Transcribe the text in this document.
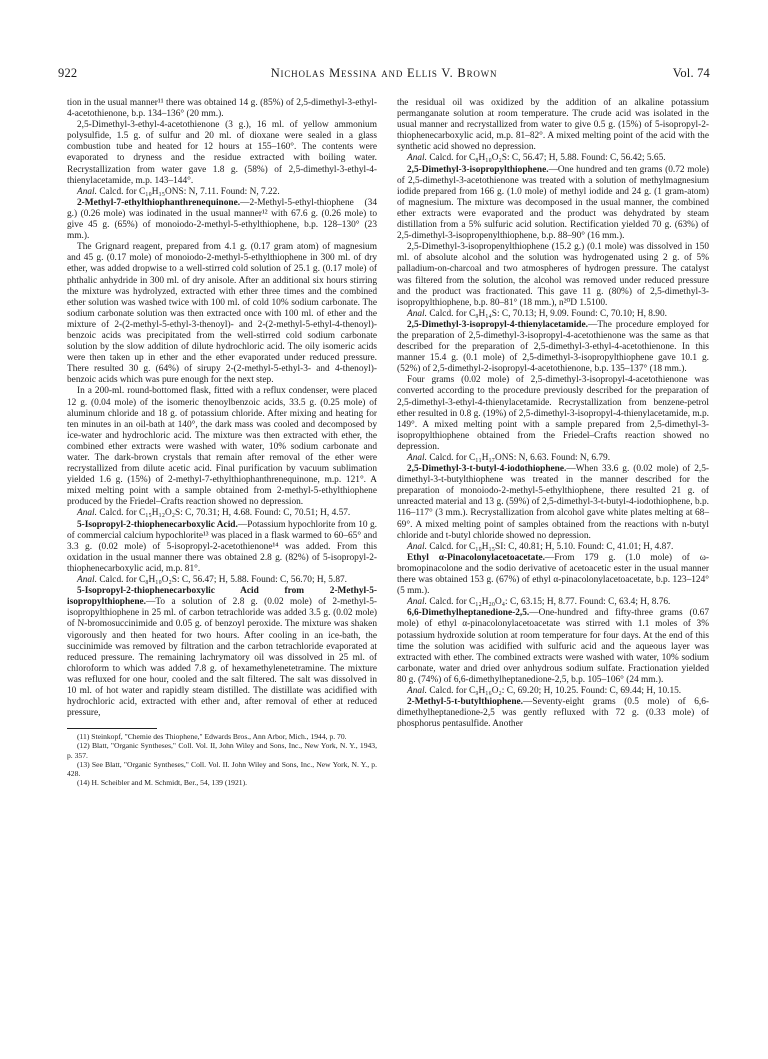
922	Nicholas Messina and Ellis V. Brown	Vol. 74

tion in the usual manner¹¹ there was obtained 14 g. (85%) of 2,5-dimethyl-3-ethyl-4-acetothienone, b.p. 134–136° (20 mm.).

2,5-Dimethyl-3-ethyl-4-acetothienone (3 g.), 16 ml. of yellow ammonium polysulfide, 1.5 g. of sulfur and 20 ml. of dioxane were sealed in a glass combustion tube and heated for 12 hours at 155–160°. The contents were evaporated to dryness and the residue extracted with boiling water. Recrystallization from water gave 1.8 g. (58%) of 2,5-dimethyl-3-ethyl-4-thienylacetamide, m.p. 143–144°.

Anal. Calcd. for C₁₀H₁₅ONS: N, 7.11. Found: N, 7.22.

2-Methyl-7-ethylthiophanthrenequinone.—2-Methyl-5-ethyl-thiophene (34 g.) (0.26 mole) was iodinated in the usual manner¹² with 67.6 g. (0.26 mole) to give 45 g. (65%) of monoiodo-2-methyl-5-ethylthiophene, b.p. 128–130° (23 mm.).

The Grignard reagent, prepared from 4.1 g. (0.17 gram atom) of magnesium and 45 g. (0.17 mole) of monoiodo-2-methyl-5-ethylthiophene in 300 ml. of dry ether, was added dropwise to a well-stirred cold solution of 25.1 g. (0.17 mole) of phthalic anhydride in 300 ml. of dry anisole. After an additional six hours stirring the mixture was hydrolyzed, extracted with ether three times and the combined ether solution was washed twice with 100 ml. of cold 10% sodium carbonate. The sodium carbonate solution was then extracted once with 100 ml. of ether and the mixture of 2-(2-methyl-5-ethyl-3-thenoyl)- and 2-(2-methyl-5-ethyl-4-thenoyl)-benzoic acids was precipitated from the well-stirred cold sodium carbonate solution by the slow addition of dilute hydrochloric acid. The oily isomeric acids were then taken up in ether and the ether evaporated under reduced pressure. There resulted 30 g. (64%) of sirupy 2-(2-methyl-5-ethyl-3- and 4-thenoyl)-benzoic acids which was pure enough for the next step.

In a 200-ml. round-bottomed flask, fitted with a reflux condenser, were placed 12 g. (0.04 mole) of the isomeric thenoylbenzoic acids, 33.5 g. (0.25 mole) of aluminum chloride and 18 g. of potassium chloride. After mixing and heating for ten minutes in an oil-bath at 140°, the dark mass was cooled and decomposed by ice-water and hydrochloric acid. The mixture was then extracted with ether, the combined ether extracts were washed with water, 10% sodium carbonate and water. The dark-brown crystals that remain after removal of the ether were recrystallized from dilute acetic acid. Final purification by vacuum sublimation yielded 1.6 g. (15%) of 2-methyl-7-ethylthiophanthrenequinone, m.p. 121°. A mixed melting point with a sample obtained from 2-methyl-5-ethylthiophene produced by the Friedel–Crafts reaction showed no depression.

Anal. Calcd. for C₁₅H₁₂O₂S: C, 70.31; H, 4.68. Found: C, 70.51; H, 4.57.

5-Isopropyl-2-thiophenecarboxylic Acid.—Potassium hypochlorite from 10 g. of commercial calcium hypochlorite¹³ was placed in a flask warmed to 60–65° and 3.3 g. (0.02 mole) of 5-isopropyl-2-acetothienone¹⁴ was added. From this oxidation in the usual manner there was obtained 2.8 g. (82%) of 5-isopropyl-2-thiophenecarboxylic acid, m.p. 81°.

Anal. Calcd. for C₈H₁₀O₂S: C, 56.47; H, 5.88. Found: C, 56.70; H, 5.87.

5-Isopropyl-2-thiophenecarboxylic Acid from 2-Methyl-5-isopropylthiophene.—To a solution of 2.8 g. (0.02 mole) of 2-methyl-5-isopropylthiophene in 25 ml. of carbon tetrachloride was added 3.5 g. (0.02 mole) of N-bromosuccinimide and 0.05 g. of benzoyl peroxide. The mixture was shaken vigorously and then heated for two hours. After cooling in an ice-bath, the succinimide was removed by filtration and the carbon tetrachloride evaporated at reduced pressure. The remaining lachrymatory oil was dissolved in 25 ml. of chloroform to which was added 7.8 g. of hexamethylenetetramine. The mixture was refluxed for one hour, cooled and the salt filtered. The salt was dissolved in 10 ml. of hot water and rapidly steam distilled. The distillate was acidified with hydrochloric acid, extracted with ether and, after removal of ether at reduced pressure,

(11) Steinkopf, "Chemie des Thiophene," Edwards Bros., Ann Arbor, Mich., 1944, p. 70.

(12) Blatt, "Organic Syntheses," Coll. Vol. II, John Wiley and Sons, Inc., New York, N. Y., 1943, p. 357.

(13) See Blatt, "Organic Syntheses," Coll. Vol. II. John Wiley and Sons, Inc., New York, N. Y., p. 428.

(14) H. Scheibler and M. Schmidt, Ber., 54, 139 (1921).

the residual oil was oxidized by the addition of an alkaline potassium permanganate solution at room temperature. The crude acid was isolated in the usual manner and recrystallized from water to give 0.5 g. (15%) of 5-isopropyl-2-thiophenecarboxylic acid, m.p. 81–82°. A mixed melting point of the acid with the synthetic acid showed no depression.

Anal. Calcd. for C₈H₁₀O₂S: C, 56.47; H, 5.88. Found: C, 56.42; 5.65.

2,5-Dimethyl-3-isopropylthiophene.—One hundred and ten grams (0.72 mole) of 2,5-dimethyl-3-acetothienone was treated with a solution of methylmagnesium iodide prepared from 166 g. (1.0 mole) of methyl iodide and 24 g. (1 gram-atom) of magnesium. The mixture was decomposed in the usual manner, the combined ether extracts were evaporated and the product was dehydrated by steam distillation from a 5% sulfuric acid solution. Rectification yielded 70 g. (63%) of 2,5-dimethyl-3-isopropenylthiophene, b.p. 88–90° (16 mm.).

2,5-Dimethyl-3-isopropenylthiophene (15.2 g.) (0.1 mole) was dissolved in 150 ml. of absolute alcohol and the solution was hydrogenated using 2 g. of 5% palladium-on-charcoal and two atmospheres of hydrogen pressure. The catalyst was filtered from the solution, the alcohol was removed under reduced pressure and the product was fractionated. This gave 11 g. (80%) of 2,5-dimethyl-3-isopropylthiophene, b.p. 80–81° (18 mm.), n²⁰D 1.5100.

Anal. Calcd. for C₉H₁₄S: C, 70.13; H, 9.09. Found: C, 70.10; H, 8.90.

2,5-Dimethyl-3-isopropyl-4-thienylacetamide.—The procedure employed for the preparation of 2,5-dimethyl-3-isopropyl-4-acetothienone was the same as that described for the preparation of 2,5-dimethyl-3-ethyl-4-acetothienone. In this manner 15.4 g. (0.1 mole) of 2,5-dimethyl-3-isopropylthiophene gave 10.1 g. (52%) of 2,5-dimethyl-2-isopropyl-4-acetothienone, b.p. 135–137° (18 mm.).

Four grams (0.02 mole) of 2,5-dimethyl-3-isopropyl-4-acetothienone was converted according to the procedure previously described for the preparation of 2,5-dimethyl-3-ethyl-4-thienylacetamide. Recrystallization from benzene-petrol ether resulted in 0.8 g. (19%) of 2,5-dimethyl-3-isopropyl-4-thienylacetamide, m.p. 149°. A mixed melting point with a sample prepared from 2,5-dimethyl-3-isopropylthiophene obtained from the Friedel–Crafts reaction showed no depression.

Anal. Calcd. for C₁₁H₁₇ONS: N, 6.63. Found: N, 6.79.

2,5-Dimethyl-3-t-butyl-4-iodothiophene.—When 33.6 g. (0.02 mole) of 2,5-dimethyl-3-t-butylthiophene was treated in the manner described for the preparation of monoiodo-2-methyl-5-ethylthiophene, there resulted 21 g. of unreacted material and 13 g. (59%) of 2,5-dimethyl-3-t-butyl-4-iodothiophene, b.p. 116–117° (3 mm.). Recrystallization from alcohol gave white plates melting at 68–69°. A mixed melting point of samples obtained from the reactions with n-butyl chloride and t-butyl chloride showed no depression.

Anal. Calcd. for C₁₀H₁₅SI: C, 40.81; H, 5.10. Found: C, 41.01; H, 4.87.

Ethyl α-Pinacolonylacetoacetate.—From 179 g. (1.0 mole) of ω-bromopinacolone and the sodio derivative of acetoacetic ester in the usual manner there was obtained 153 g. (67%) of ethyl α-pinacolonylacetoacetate, b.p. 123–124° (5 mm.).

Anal. Calcd. for C₁₂H₂₀O₄: C, 63.15; H, 8.77. Found: C, 63.4; H, 8.76.

6,6-Dimethylheptanedione-2,5.—One-hundred and fifty-three grams (0.67 mole) of ethyl α-pinacolonylacetoacetate was stirred with 1.1 moles of 3% potassium hydroxide solution at room temperature for four days. At the end of this time the solution was acidified with sulfuric acid and the aqueous layer was extracted with ether. The combined extracts were washed with water, 10% sodium carbonate, water and dried over anhydrous sodium sulfate. Fractionation yielded 80 g. (74%) of 6,6-dimethylheptanedione-2,5, b.p. 105–106° (24 mm.).

Anal. Calcd. for C₉H₁₆O₂: C, 69.20; H, 10.25. Found: C, 69.44; H, 10.15.

2-Methyl-5-t-butylthiophene.—Seventy-eight grams (0.5 mole) of 6,6-dimethylheptanedione-2,5 was gently refluxed with 72 g. (0.33 mole) of phosphorus pentasulfide. Another
